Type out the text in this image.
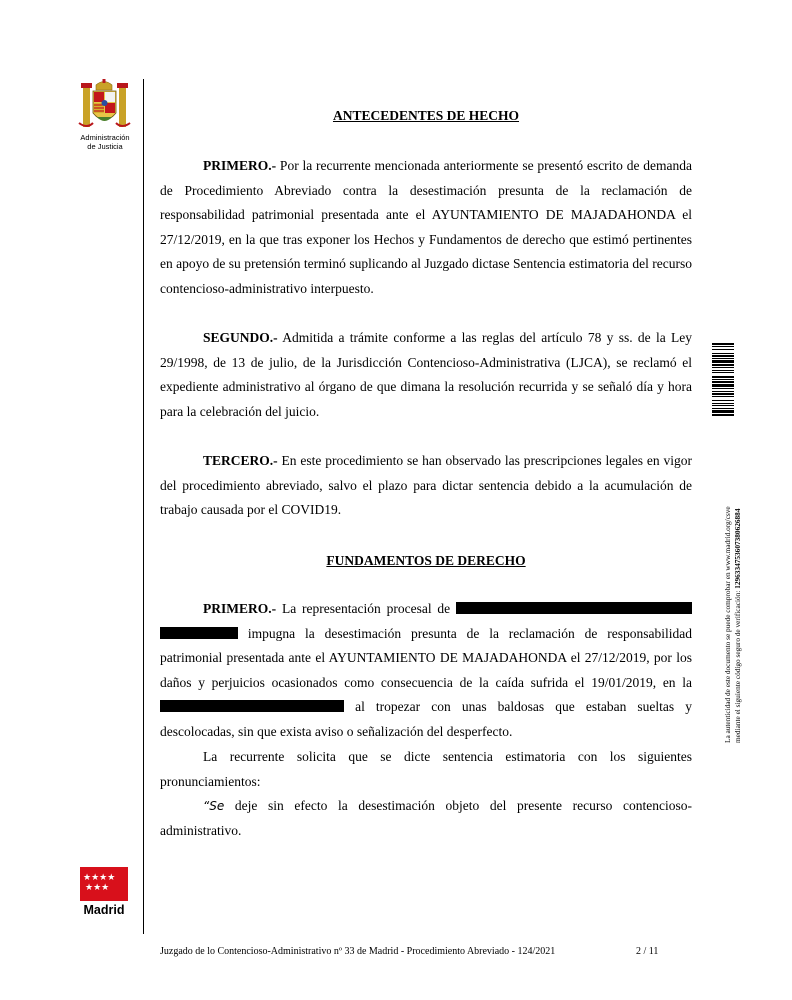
Administración
de Justicia
★★★★
★★★
Madrid
ANTECEDENTES DE HECHO

PRIMERO.- Por la recurrente mencionada anteriormente se presentó escrito de demanda de Procedimiento Abreviado contra la desestimación presunta de la reclamación de responsabilidad patrimonial presentada ante el AYUNTAMIENTO DE MAJADAHONDA el 27/12/2019, en la que tras exponer los Hechos y Fundamentos de derecho que estimó pertinentes en apoyo de su pretensión terminó suplicando al Juzgado dictase Sentencia estimatoria del recurso contencioso-administrativo interpuesto.

SEGUNDO.- Admitida a trámite conforme a las reglas del artículo 78 y ss. de la Ley 29/1998, de 13 de julio, de la Jurisdicción Contencioso-Administrativa (LJCA), se reclamó el expediente administrativo al órgano de que dimana la resolución recurrida y se señaló día y hora para la celebración del juicio.

TERCERO.- En este procedimiento se han observado las prescripciones legales en vigor del procedimiento abreviado, salvo el plazo para dictar sentencia debido a la acumulación de trabajo causada por el COVID19.

FUNDAMENTOS DE DERECHO

PRIMERO.- La representación procesal de   impugna la desestimación presunta de la reclamación de responsabilidad patrimonial presentada ante el AYUNTAMIENTO DE MAJADAHONDA el 27/12/2019, por los daños y perjuicios ocasionados como consecuencia de la caída sufrida el 19/01/2019, en la  al tropezar con unas baldosas que estaban sueltas y descolocadas, sin que exista aviso o señalización del desperfecto.

La recurrente solicita que se dicte sentencia estimatoria con los siguientes pronunciamientos:

“Se deje sin efecto la desestimación objeto del presente recurso contencioso-administrativo.

La autenticidad de este documento se puede comprobar en www.madrid.org/csve mediante el siguiente código seguro de verificación: 1296334753607380626884
Juzgado de lo Contencioso-Administrativo nº 33 de Madrid - Procedimiento Abreviado - 124/2021	2 / 11
